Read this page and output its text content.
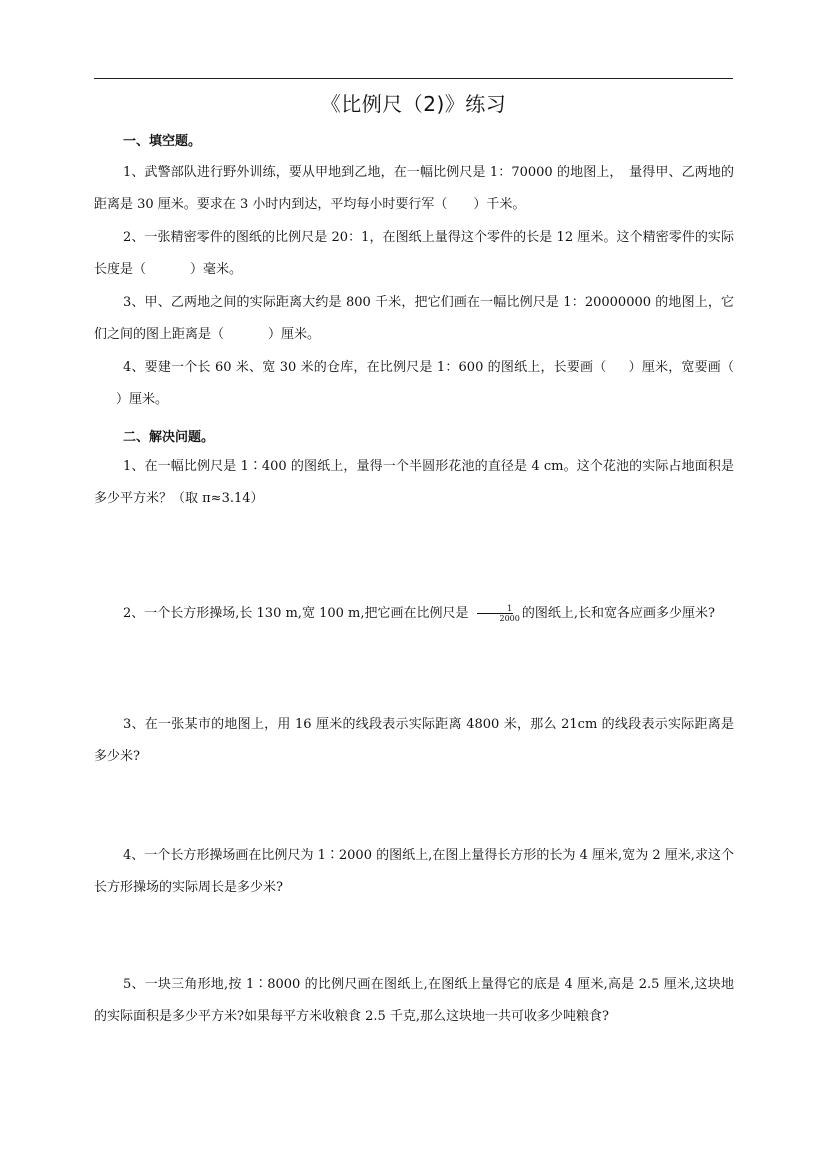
《比例尺（2)》练习
一、填空题。
1、武警部队进行野外训练，要从甲地到乙地，在一幅比例尺是 1：70000 的地图上，　量得甲、乙两地的距离是 30 厘米。要求在 3 小时内到达，平均每小时要行军（ ）千米。
2、一张精密零件的图纸的比例尺是 20：1，在图纸上量得这个零件的长是 12 厘米。这个精密零件的实际长度是（	）毫米。
3、甲、乙两地之间的实际距离大约是 800 千米，把它们画在一幅比例尺是 1：20000000 的地图上，它们之间的图上距离是（	）厘米。
4、要建一个长 60 米、宽 30 米的仓库，在比例尺是 1：600 的图纸上，长要画（ ）厘米，宽要画（）厘米。
二、解决问题。
1、在一幅比例尺是 1∶400 的图纸上，量得一个半圆形花池的直径是 4 cm。这个花池的实际占地面积是多少平方米？（取 π≈3.14）
2、一个长方形操场,长 130 m,宽 100 m,把它画在比例尺是 $\frac{1}{2000}$ 的图纸上,长和宽各应画多少厘米?
3、在一张某市的地图上，用 16 厘米的线段表示实际距离 4800 米，那么 21cm 的线段表示实际距离是多少米?
4、一个长方形操场画在比例尺为 1∶2000 的图纸上,在图上量得长方形的长为 4 厘米,宽为 2 厘米,求这个长方形操场的实际周长是多少米?
5、一块三角形地,按 1∶8000 的比例尺画在图纸上,在图纸上量得它的底是 4 厘米,高是 2.5 厘米,这块地的实际面积是多少平方米?如果每平方米收粮食 2.5 千克,那么这块地一共可收多少吨粮食?
